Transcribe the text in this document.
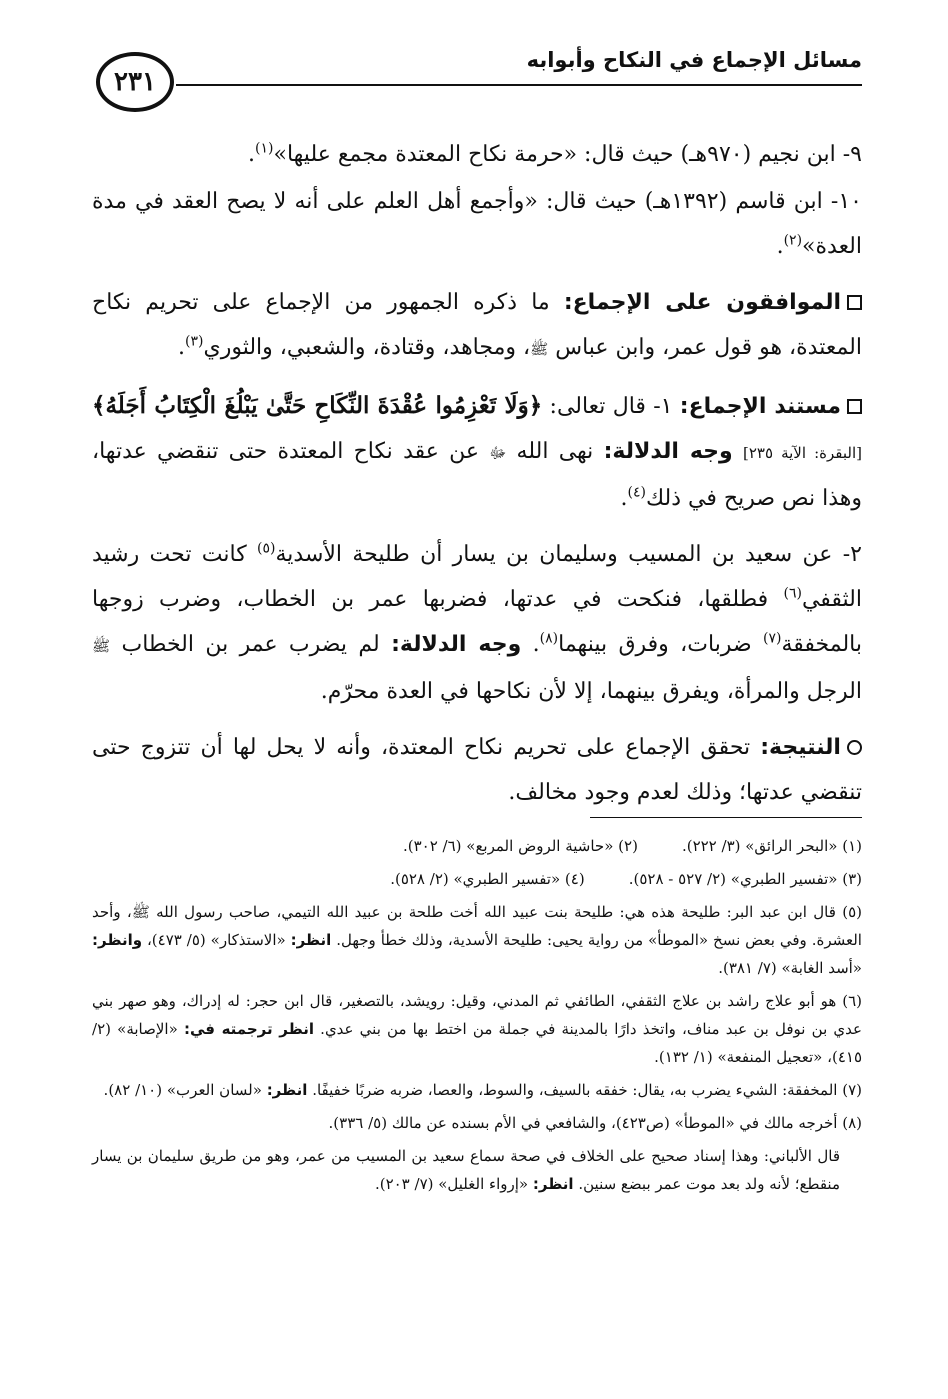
مسائل الإجماع في النكاح وأبوابه
٢٣١

٩- ابن نجيم (٩٧٠هـ) حيث قال: «حرمة نكاح المعتدة مجمع عليها»$^{(١)}$.

١٠- ابن قاسم (١٣٩٢هـ) حيث قال: «وأجمع أهل العلم على أنه لا يصح العقد في مدة العدة»$^{(٢)}$.

الموافقون على الإجماع: ما ذكره الجمهور من الإجماع على تحريم نكاح المعتدة، هو قول عمر، وابن عباس ﷺ، ومجاهد، وقتادة، والشعبي، والثوري$^{(٣)}$.

مستند الإجماع: ١- قال تعالى: ﴿وَلَا تَعْزِمُوا عُقْدَةَ النِّكَاحِ حَتَّىٰ يَبْلُغَ الْكِتَابُ أَجَلَهُ﴾ [البقرة: الآية ٢٣٥] وجه الدلالة: نهى الله ﷻ عن عقد نكاح المعتدة حتى تنقضي عدتها، وهذا نص صريح في ذلك$^{(٤)}$.

٢- عن سعيد بن المسيب وسليمان بن يسار أن طليحة الأسدية$^{(٥)}$ كانت تحت رشيد الثقفي$^{(٦)}$ فطلقها، فنكحت في عدتها، فضربها عمر بن الخطاب، وضرب زوجها بالمخفقة$^{(٧)}$ ضربات، وفرق بينهما$^{(٨)}$. وجه الدلالة: لم يضرب عمر بن الخطاب ﷺ الرجل والمرأة، ويفرق بينهما، إلا لأن نكاحها في العدة محرّم.

النتيجة: تحقق الإجماع على تحريم نكاح المعتدة، وأنه لا يحل لها أن تتزوج حتى تنقضي عدتها؛ وذلك لعدم وجود مخالف.

(١) «البحر الرائق» (٣/ ٢٢٢).
(٢) «حاشية الروض المربع» (٦/ ٣٠٢).

(٣) «تفسير الطبري» (٢/ ٥٢٧ - ٥٢٨).
(٤) «تفسير الطبري» (٢/ ٥٢٨).

(٥) قال ابن عبد البر: طليحة هذه هي: طليحة بنت عبيد الله أخت طلحة بن عبيد الله التيمي، صاحب رسول الله ﷺ، وأحد العشرة. وفي بعض نسخ «الموطأ» من رواية يحيى: طليحة الأسدية، وذلك خطأ وجهل. انظر: «الاستذكار» (٥/ ٤٧٣)، وانظر: «أسد الغابة» (٧/ ٣٨١).

(٦) هو أبو علاج راشد بن علاج الثقفي، الطائفي ثم المدني، وقيل: رويشد، بالتصغير، قال ابن حجر: له إدراك، وهو صهر بني عدي بن نوفل بن عبد مناف، واتخذ دارًا بالمدينة في جملة من اختط بها من بني عدي. انظر ترجمته في: «الإصابة» (٢/ ٤١٥)، «تعجيل المنفعة» (١/ ١٣٢).

(٧) المخفقة: الشيء يضرب به، يقال: خفقه بالسيف، والسوط، والعصا، ضربه ضربًا خفيفًا. انظر: «لسان العرب» (١٠/ ٨٢).

(٨) أخرجه مالك في «الموطأ» (ص٤٢٣)، والشافعي في الأم بسنده عن مالك (٥/ ٣٣٦).

قال الألباني: وهذا إسناد صحيح على الخلاف في صحة سماع سعيد بن المسيب من عمر، وهو من طريق سليمان بن يسار منقطع؛ لأنه ولد بعد موت عمر ببضع سنين. انظر: «إرواء الغليل» (٧/ ٢٠٣).
